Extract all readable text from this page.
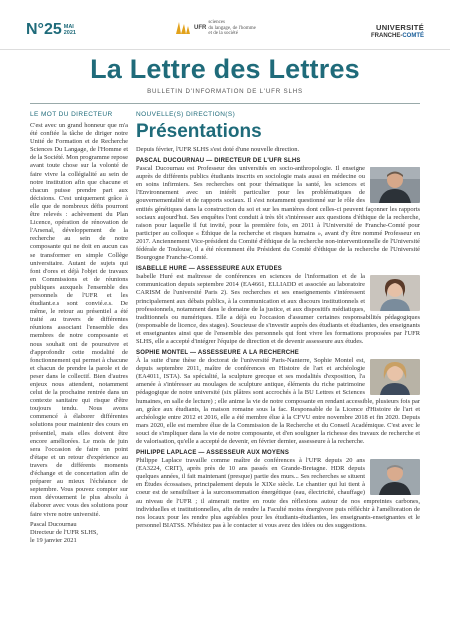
N°25 MAI
2021
UFR
sciences
du langage, de l'homme
et de la société
UNIVERSITÉ
FRANCHE-COMTÉ
La Lettre des Lettres
BULLETIN D'INFORMATION DE L'UFR SLHS
LE MOT DU DIRECTEUR

C'est avec un grand honneur que m'a été confiée la tâche de diriger notre Unité de Formation et de Recherche Sciences Du Langage, de l'Homme et de la Société. Mon programme repose avant toute chose sur la volonté de faire vivre la collégialité au sein de notre institution afin que chacune et chacun puisse prendre part aux décisions. C'est uniquement grâce à elle que de nombreux défis pourront être relevés : achèvement du Plan Licence, opération de rénovation de l'Arsenal, développement de la recherche au sein de notre composante qui ne doit en aucun cas se transformer en simple Collège universitaire. Autant de sujets qui font d'ores et déjà l'objet de travaux en Commissions et de réunions publiques auxquels l'ensemble des personnels de l'UFR et les étudiant.e.s sont convié.e.s. De même, le retour au présentiel a été traité au travers de différentes réunions associant l'ensemble des membres de notre composante et nous souhait ont de poursuivre et d'approfondir cette modalité de fonctionnement qui permet à chacune et chacun de prendre la parole et de peser dans le collectif. Bien d'autres enjeux nous attendent, notamment celui de la prochaine rentrée dans un contexte sanitaire qui risque d'être toujours tendu. Nous avons commencé à élaborer différentes solutions pour maintenir des cours en présentiel, mais elles doivent être encore améliorées. Le mois de juin sera l'occasion de faire un point d'étape et un retour d'expérience au travers de différents moments d'échange et de concertation afin de préparer au mieux l'échéance de septembre. Vous pouvez compter sur mon dévouement le plus absolu à élaborer avec vous des solutions pour faire vivre notre université.

Pascal Ducournau
Directeur de l'UFR SLHS,
le 19 janvier 2021
NOUVELLE(S) DIRECTION(S)
Présentations

Depuis février, l'UFR SLHS s'est doté d'une nouvelle direction.

PASCAL DUCOURNAU — DIRECTEUR DE L'UFR SLHS

Pascal Ducournau est Professeur des universités en socio-anthropologie. Il enseigne auprès de différents publics étudiants inscrits en sociologie mais aussi en médecine ou en soins infirmiers. Ses recherches ont pour thématique la santé, les sciences et l'Environnement avec un intérêt particulier pour les problématiques de gouvernementalité et de rapports sociaux. Il s'est notamment questionné sur le rôle des entités génétiques dans la construction du soi et sur les manières dont celles-ci peuvent façonner les rapports sociaux aujourd'hui. Ses enquêtes l'ont conduit à très tôt s'intéresser aux questions d'éthique de la recherche, raison pour laquelle il fut invité, pour la première fois, en 2011 à l'Université de Franche-Comté pour participer au colloque « Éthique de la recherche et risques humains », avant d'y être nommé Professeur en 2017. Anciennement Vice-président du Comité d'éthique de la recherche non-interventionnelle de l'Université fédérale de Toulouse, il a été récemment élu Président du Comité d'éthique de la recherche de l'Université Bourgogne Franche-Comté.

ISABELLE HURÉ — ASSESSEURE AUX ÉTUDES

Isabelle Huré est maîtresse de conférences en sciences de l'information et de la communication depuis septembre 2014 (EA4661, ELLIADD et associée au laboratoire CARISM de l'université Paris 2). Ses recherches et ses enseignements s'intéressent principalement aux débats publics, à la communication et aux discours institutionnels et professionnels, notamment dans le domaine de la justice, et aux dispositifs médiatiques, traditionnels ou numériques. Elle a déjà eu l'occasion d'assumer certaines responsabilités pédagogiques (responsable de licence, des stages). Soucieuse de s'investir auprès des étudiants et étudiantes, des enseignants et enseignantes ainsi que de l'ensemble des personnels qui font vivre les formations proposées par l'UFR SLHS, elle a accepté d'intégrer l'équipe de direction et de devenir assesseure aux études.

SOPHIE MONTEL — ASSESSEURE À LA RECHERCHE

À la suite d'une thèse de doctorat de l'université Paris-Nanterre, Sophie Montel est, depuis septembre 2011, maître de conférences en Histoire de l'art et archéologie (EA4011, ISTA). Sa spécialité, la sculpture grecque et ses modalités d'exposition, l'a amenée à s'intéresser au moulages de sculpture antique, éléments du riche patrimoine pédagogique de notre université (six plâtres sont accrochés à la BU Lettres et Sciences humaines, en salle de lecture) ; elle anime la vie de notre composante en rendant accessible, plusieurs fois par an, grâce aux étudiants, la maison romaine sous la fac. Responsable de la Licence d'Histoire de l'art et archéologie entre 2012 et 2016, elle a été membre élue à la CFVU entre novembre 2018 et fin 2020. Depuis mars 2020, elle est membre élue de la Commission de la Recherche et du Conseil Académique. C'est avec le souci de s'impliquer dans la vie de notre composante, et d'en souligner la richesse des travaux de recherche et de valorisation, qu'elle a accepté de devenir, en février dernier, assesseure à la recherche.

PHILIPPE LAPLACE — ASSESSEUR AUX MOYENS

Philippe Laplace travaille comme maître de conférences à l'UFR depuis 20 ans (EA3224, CRIT), après près de 10 ans passés en Grande-Bretagne. HDR depuis quelques années, il fait maintenant (presque) partie des murs... Ses recherches se situent en Études écossaises, principalement depuis le XIXe siècle. Le chantier qui lui tient à coeur est de sensibiliser à la surconsommation énergétique (eau, électricité, chauffage) au niveau de l'UFR ; il aimerait mettre en route des réflexions autour de nos empreintes carbones, individuelles et institutionnelles, afin de rendre la Faculté moins énergivore puis réfléchir à l'amélioration de nos locaux pour les rendre plus agréables pour les étudiants-étudiantes, les enseignants-enseignantes et le personnel BIATSS. N'hésitez pas à le contacter si vous avez des idées ou des suggestions.
